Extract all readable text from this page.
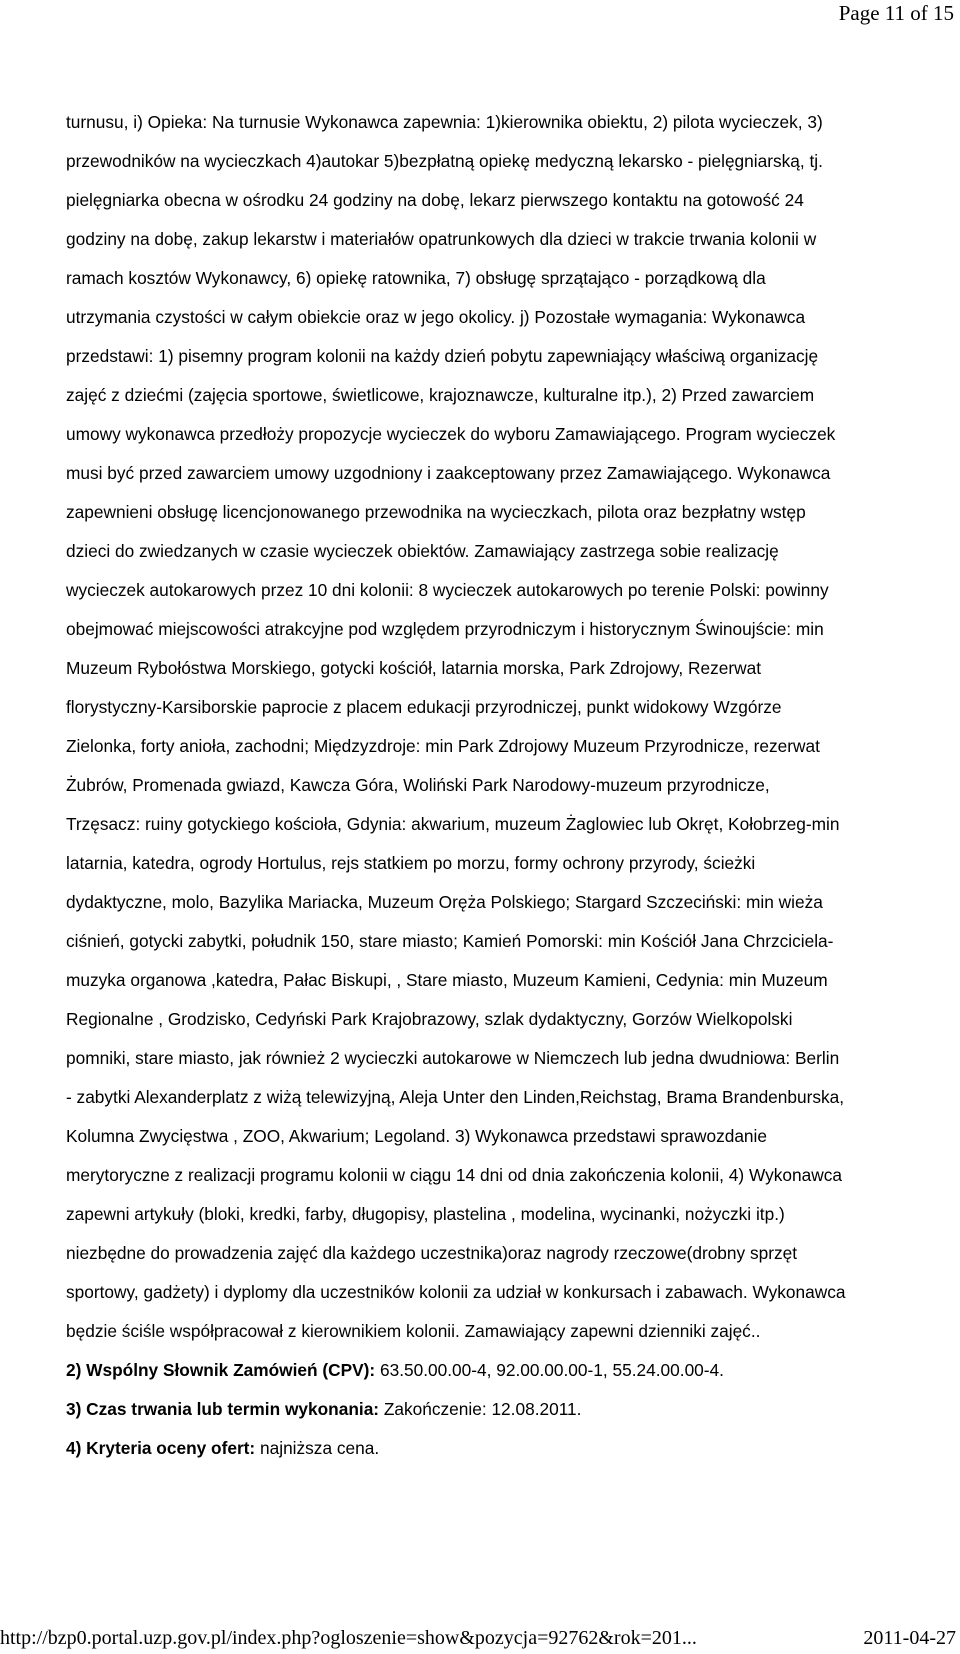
Page 11 of 15
turnusu, i) Opieka: Na turnusie Wykonawca zapewnia: 1)kierownika obiektu, 2) pilota wycieczek, 3)
przewodników na wycieczkach 4)autokar 5)bezpłatną opiekę medyczną lekarsko - pielęgniarską, tj.
pielęgniarka obecna w ośrodku 24 godziny na dobę, lekarz pierwszego kontaktu na gotowość 24
godziny na dobę, zakup lekarstw i materiałów opatrunkowych dla dzieci w trakcie trwania kolonii w
ramach kosztów Wykonawcy, 6) opiekę ratownika, 7) obsługę sprzątająco - porządkową dla
utrzymania czystości w całym obiekcie oraz w jego okolicy. j) Pozostałe wymagania: Wykonawca
przedstawi: 1) pisemny program kolonii na każdy dzień pobytu zapewniający właściwą organizację
zajęć z dziećmi (zajęcia sportowe, świetlicowe, krajoznawcze, kulturalne itp.), 2) Przed zawarciem
umowy wykonawca przedłoży propozycje wycieczek do wyboru Zamawiającego. Program wycieczek
musi być przed zawarciem umowy uzgodniony i zaakceptowany przez Zamawiającego. Wykonawca
zapewnieni obsługę licencjonowanego przewodnika na wycieczkach, pilota oraz bezpłatny wstęp
dzieci do zwiedzanych w czasie wycieczek obiektów. Zamawiający zastrzega sobie realizację
wycieczek autokarowych przez 10 dni kolonii: 8 wycieczek autokarowych po terenie Polski: powinny
obejmować miejscowości atrakcyjne pod względem przyrodniczym i historycznym Świnoujście: min
Muzeum Rybołóstwa Morskiego, gotycki kościół, latarnia morska, Park Zdrojowy, Rezerwat
florystyczny-Karsiborskie paprocie z placem edukacji przyrodniczej, punkt widokowy Wzgórze
Zielonka, forty anioła, zachodni; Międzyzdroje: min Park Zdrojowy Muzeum Przyrodnicze, rezerwat
Żubrów, Promenada gwiazd, Kawcza Góra, Woliński Park Narodowy-muzeum przyrodnicze,
Trzęsacz: ruiny gotyckiego kościoła, Gdynia: akwarium, muzeum Żaglowiec lub Okręt, Kołobrzeg-min
latarnia, katedra, ogrody Hortulus, rejs statkiem po morzu, formy ochrony przyrody, ścieżki
dydaktyczne, molo, Bazylika Mariacka, Muzeum Oręża Polskiego; Stargard Szczeciński: min wieża
ciśnień, gotycki zabytki, południk 150, stare miasto; Kamień Pomorski: min Kościół Jana Chrzciciela-
muzyka organowa ,katedra, Pałac Biskupi, , Stare miasto, Muzeum Kamieni, Cedynia: min Muzeum
Regionalne , Grodzisko, Cedyński Park Krajobrazowy, szlak dydaktyczny, Gorzów Wielkopolski
pomniki, stare miasto, jak również 2 wycieczki autokarowe w Niemczech lub jedna dwudniowa: Berlin
- zabytki Alexanderplatz z wiżą telewizyjną, Aleja Unter den Linden,Reichstag, Brama Brandenburska,
Kolumna Zwycięstwa , ZOO, Akwarium; Legoland. 3) Wykonawca przedstawi sprawozdanie
merytoryczne z realizacji programu kolonii w ciągu 14 dni od dnia zakończenia kolonii, 4) Wykonawca
zapewni artykuły (bloki, kredki, farby, długopisy, plastelina , modelina, wycinanki, nożyczki itp.)
niezbędne do prowadzenia zajęć dla każdego uczestnika)oraz nagrody rzeczowe(drobny sprzęt
sportowy, gadżety) i dyplomy dla uczestników kolonii za udział w konkursach i zabawach. Wykonawca
będzie ściśle współpracował z kierownikiem kolonii. Zamawiający zapewni dzienniki zajęć..
2) Wspólny Słownik Zamówień (CPV): 63.50.00.00-4, 92.00.00.00-1, 55.24.00.00-4.
3) Czas trwania lub termin wykonania: Zakończenie: 12.08.2011.
4) Kryteria oceny ofert: najniższa cena.
http://bzp0.portal.uzp.gov.pl/index.php?ogloszenie=show&pozycja=92762&rok=201...	2011-04-27
